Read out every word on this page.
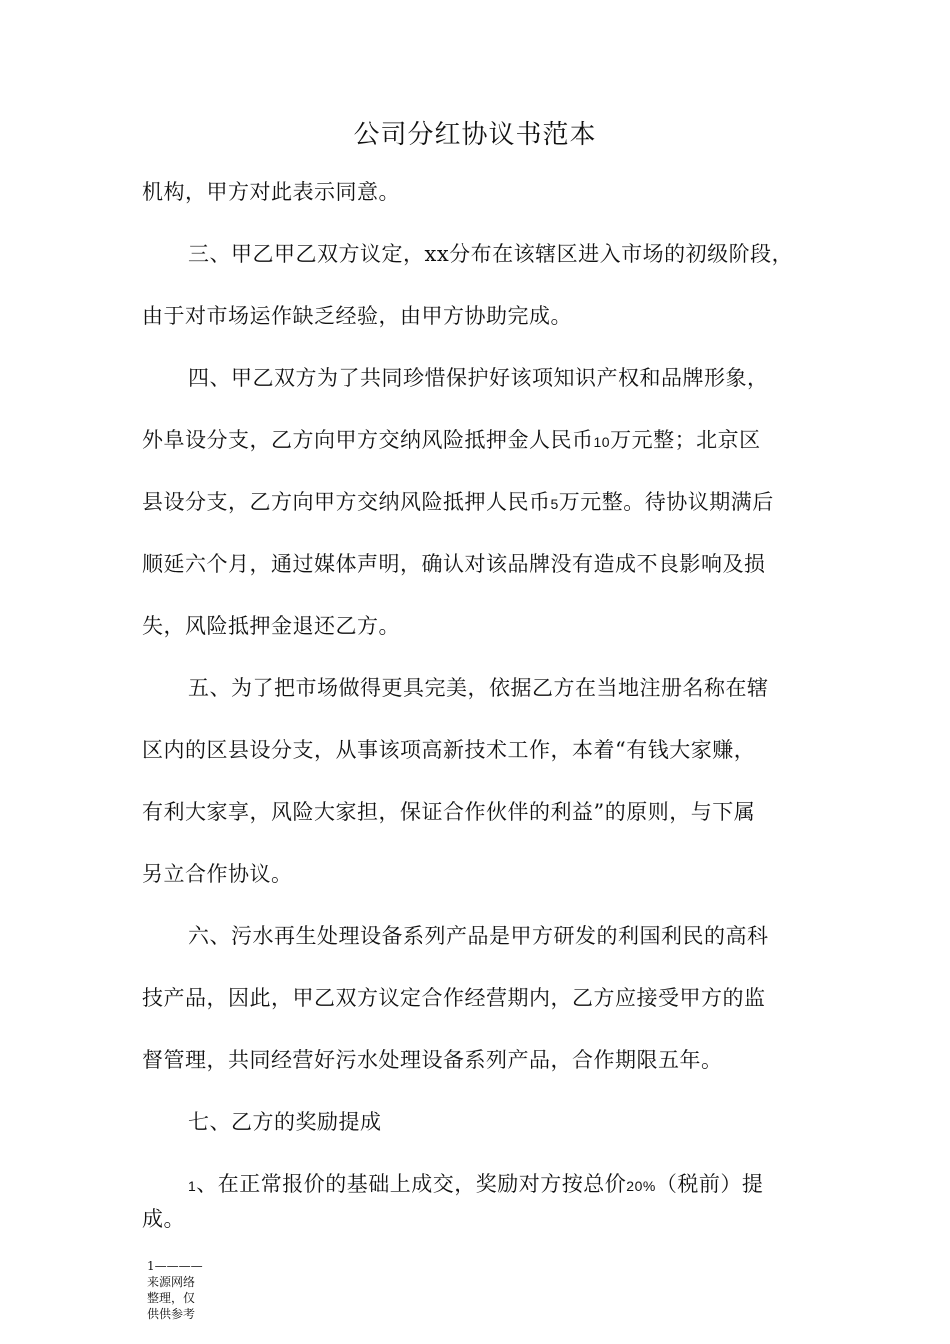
公司分红协议书范本
机构，甲方对此表示同意。
三、甲乙甲乙双方议定，xx分布在该辖区进入市场的初级阶段，
由于对市场运作缺乏经验，由甲方协助完成。
四、甲乙双方为了共同珍惜保护好该项知识产权和品牌形象，
外阜设分支，乙方向甲方交纳风险抵押金人民币10万元整；北京区
县设分支，乙方向甲方交纳风险抵押人民币5万元整。待协议期满后
顺延六个月，通过媒体声明，确认对该品牌没有造成不良影响及损
失，风险抵押金退还乙方。
五、为了把市场做得更具完美，依据乙方在当地注册名称在辖
区内的区县设分支，从事该项高新技术工作，本着“有钱大家赚，
有利大家享，风险大家担，保证合作伙伴的利益”的原则，与下属
另立合作协议。
六、污水再生处理设备系列产品是甲方研发的利国利民的高科
技产品，因此，甲乙双方议定合作经营期内，乙方应接受甲方的监
督管理，共同经营好污水处理设备系列产品，合作期限五年。
七、乙方的奖励提成
1、在正常报价的基础上成交，奖励对方按总价20%（税前）提
成。
1————来源网络整理，仅供供参考
